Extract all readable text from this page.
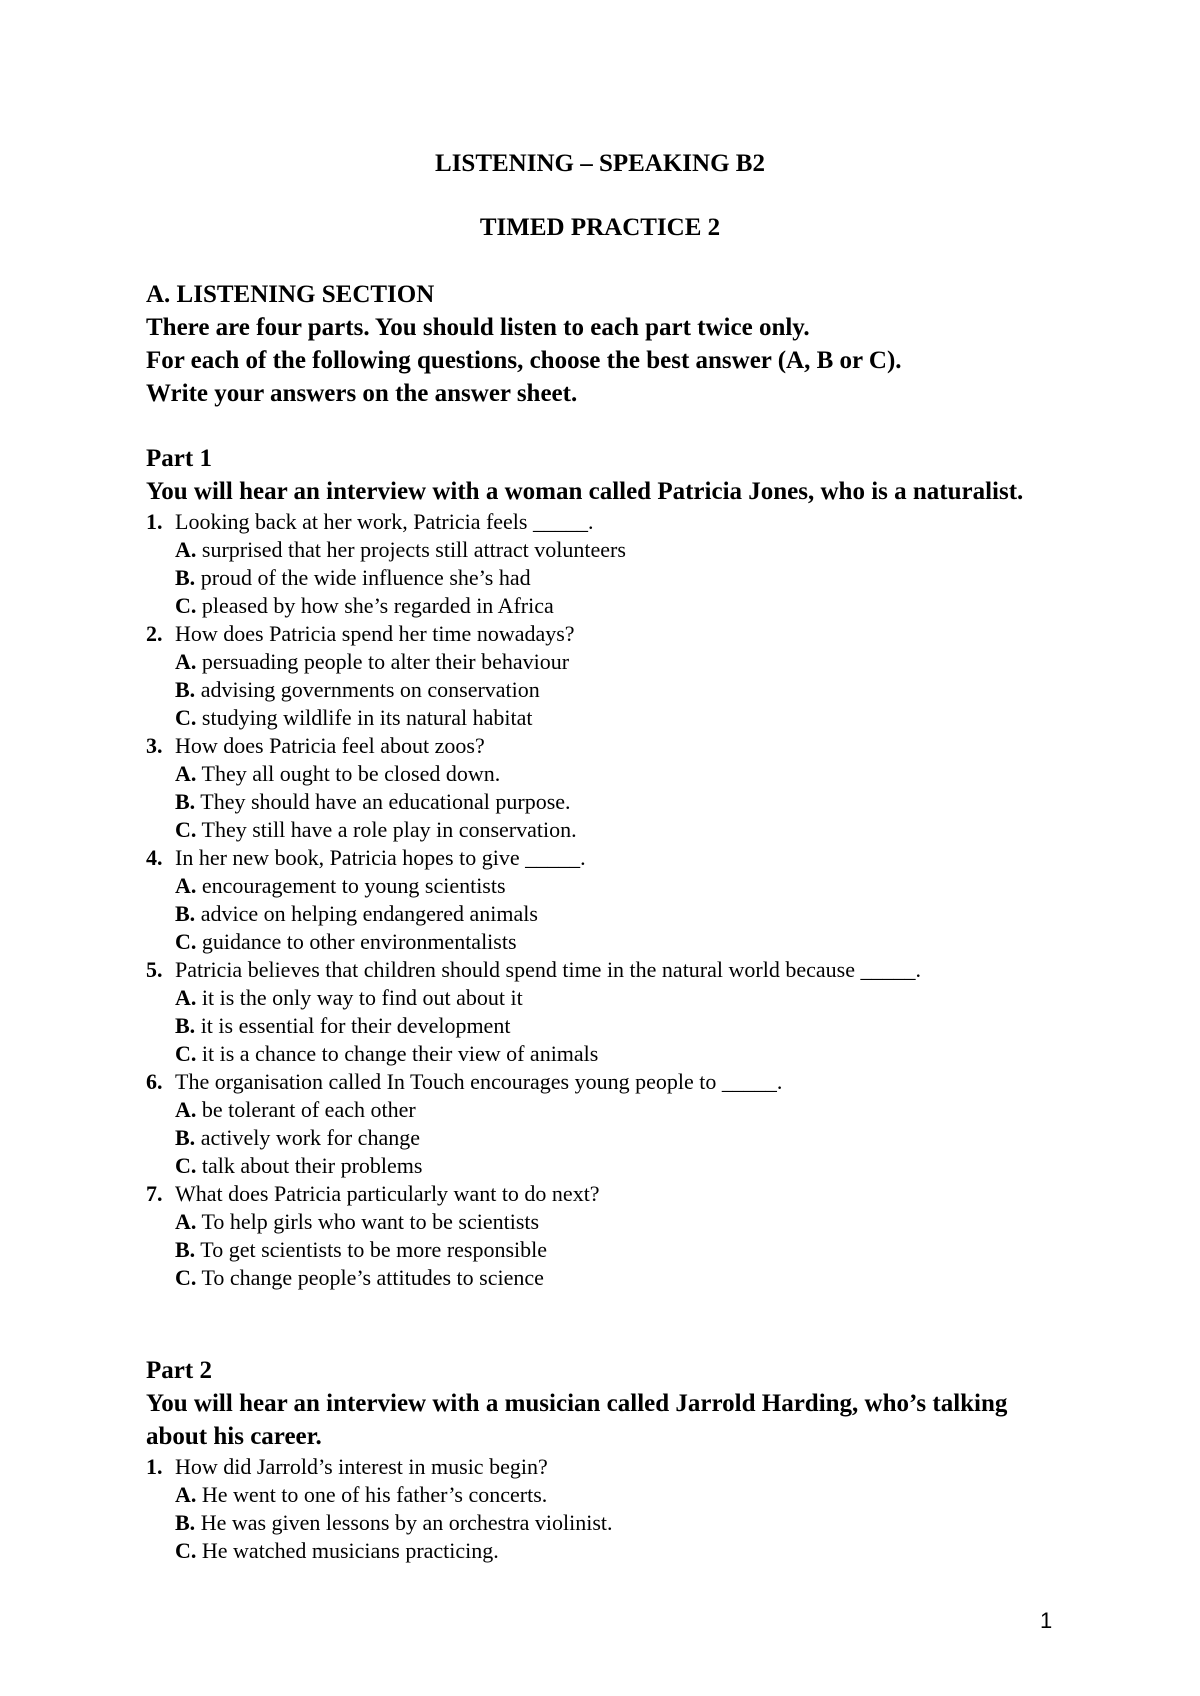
LISTENING – SPEAKING B2
TIMED PRACTICE 2
A. LISTENING SECTION
There are four parts. You should listen to each part twice only.
For each of the following questions, choose the best answer (A, B or C).
Write your answers on the answer sheet.
Part 1
You will hear an interview with a woman called Patricia Jones, who is a naturalist.
1. Looking back at her work, Patricia feels _____.
A. surprised that her projects still attract volunteers
B. proud of the wide influence she’s had
C. pleased by how she’s regarded in Africa
2. How does Patricia spend her time nowadays?
A. persuading people to alter their behaviour
B. advising governments on conservation
C. studying wildlife in its natural habitat
3. How does Patricia feel about zoos?
A. They all ought to be closed down.
B. They should have an educational purpose.
C. They still have a role play in conservation.
4. In her new book, Patricia hopes to give _____.
A. encouragement to young scientists
B. advice on helping endangered animals
C. guidance to other environmentalists
5. Patricia believes that children should spend time in the natural world because _____.
A. it is the only way to find out about it
B. it is essential for their development
C. it is a chance to change their view of animals
6. The organisation called In Touch encourages young people to _____.
A. be tolerant of each other
B. actively work for change
C. talk about their problems
7. What does Patricia particularly want to do next?
A. To help girls who want to be scientists
B. To get scientists to be more responsible
C. To change people’s attitudes to science
Part 2
You will hear an interview with a musician called Jarrold Harding, who’s talking about his career.
1. How did Jarrold’s interest in music begin?
A. He went to one of his father’s concerts.
B. He was given lessons by an orchestra violinist.
C. He watched musicians practicing.
1
